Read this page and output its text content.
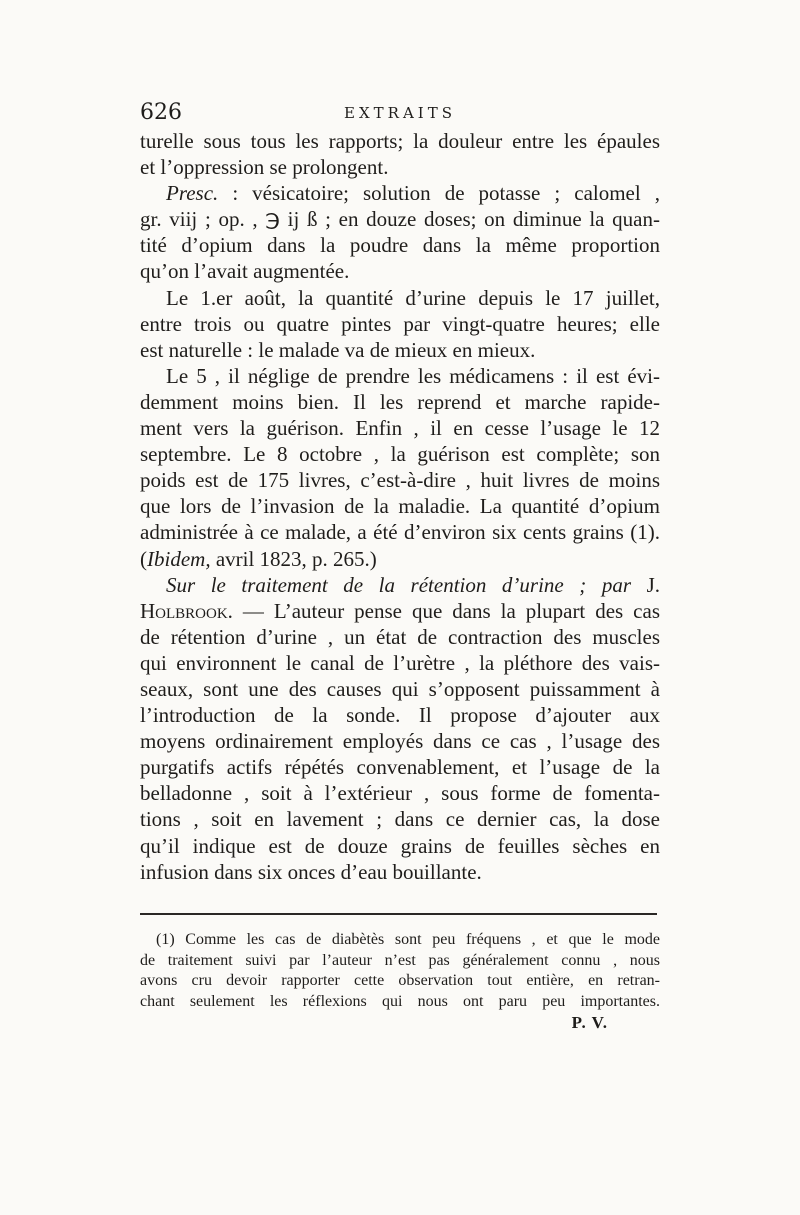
626	EXTRAITS
turelle sous tous les rapports; la douleur entre les épaules
et l’oppression se prolongent.
Presc. : vésicatoire; solution de potasse ; calomel ,
gr. viij ; op. , ℈ ij ß ; en douze doses; on diminue la quan-
tité d’opium dans la poudre dans la même proportion
qu’on l’avait augmentée.
Le 1.er août, la quantité d’urine depuis le 17 juillet,
entre trois ou quatre pintes par vingt-quatre heures; elle
est naturelle : le malade va de mieux en mieux.
Le 5 , il néglige de prendre les médicamens : il est évi-
demment moins bien. Il les reprend et marche rapide-
ment vers la guérison. Enfin , il en cesse l’usage le 12
septembre. Le 8 octobre , la guérison est complète; son
poids est de 175 livres, c’est-à-dire , huit livres de moins
que lors de l’invasion de la maladie. La quantité d’opium
administrée à ce malade, a été d’environ six cents grains (1).
(Ibidem, avril 1823, p. 265.)
Sur le traitement de la rétention d’urine ; par J.
Holbrook. — L’auteur pense que dans la plupart des cas
de rétention d’urine , un état de contraction des muscles
qui environnent le canal de l’urètre , la pléthore des vais-
seaux, sont une des causes qui s’opposent puissamment à
l’introduction de la sonde. Il propose d’ajouter aux
moyens ordinairement employés dans ce cas , l’usage des
purgatifs actifs répétés convenablement, et l’usage de la
belladonne , soit à l’extérieur , sous forme de fomenta-
tions , soit en lavement ; dans ce dernier cas, la dose
qu’il indique est de douze grains de feuilles sèches en
infusion dans six onces d’eau bouillante.
(1) Comme les cas de diabètès sont peu fréquens , et que le mode
de traitement suivi par l’auteur n’est pas généralement connu , nous
avons cru devoir rapporter cette observation tout entière, en retran-
chant seulement les réflexions qui nous ont paru peu importantes.
P. V.
